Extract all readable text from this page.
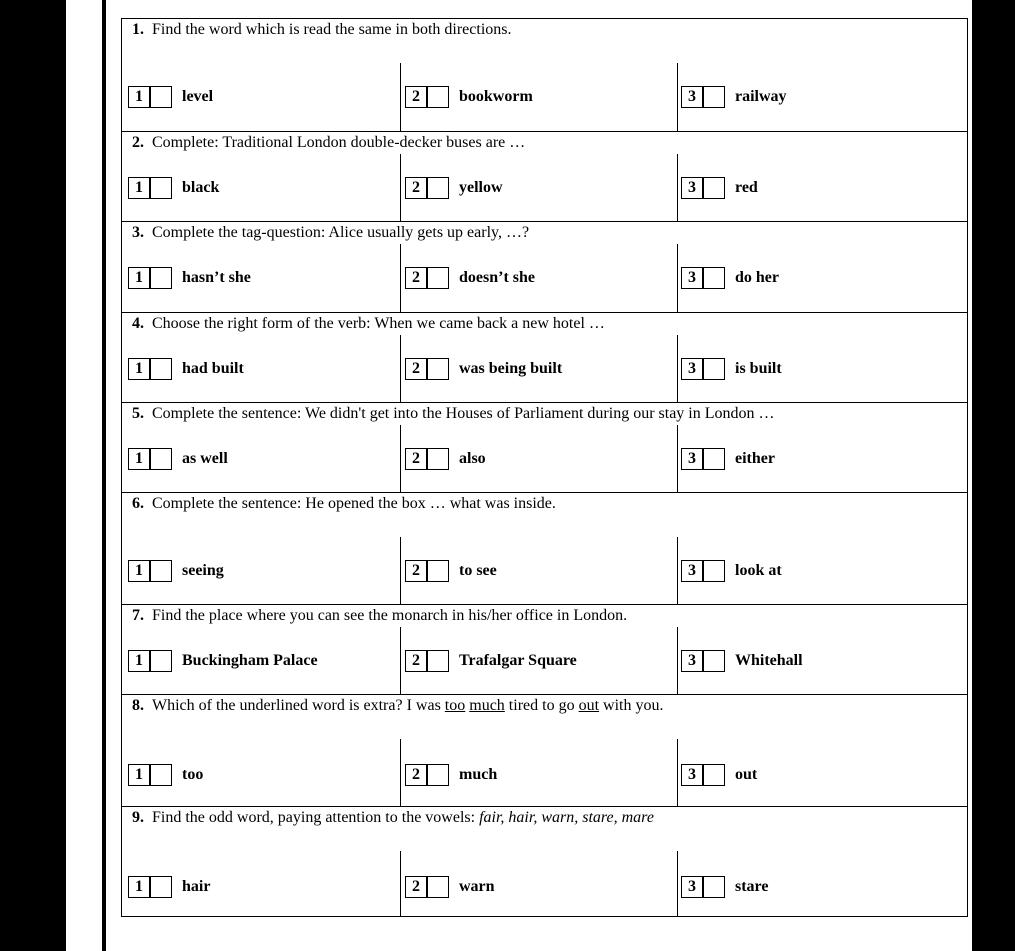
1. Find the word which is read the same in both directions.
1	level	2	bookworm	3	railway
2. Complete: Traditional London double-decker buses are …
1	black	2	yellow	3	red
3. Complete the tag-question: Alice usually gets up early, …?
1	hasn’t she	2	doesn’t she	3	do her
4. Choose the right form of the verb: When we came back a new hotel …
1	had built	2	was being built	3	is built
5. Complete the sentence: We didn't get into the Houses of Parliament during our stay in London …
1	as well	2	also	3	either
6. Complete the sentence: He opened the box … what was inside.
1	seeing	2	to see	3	look at
7. Find the place where you can see the monarch in his/her office in London.
1	Buckingham Palace	2	Trafalgar Square	3	Whitehall
8. Which of the underlined word is extra? I was too much tired to go out with you.
1	too	2	much	3	out
9. Find the odd word, paying attention to the vowels: fair, hair, warn, stare, mare
1	hair	2	warn	3	stare
